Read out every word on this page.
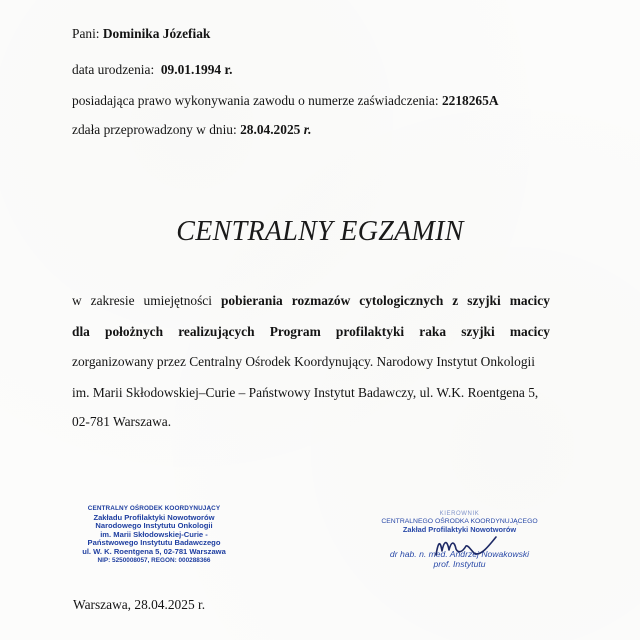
Pani: Dominika Józefiak
data urodzenia:  09.01.1994 r.
posiadająca prawo wykonywania zawodu o numerze zaświadczenia: 2218265A
zdała przeprowadzony w dniu: 28.04.2025 r.
CENTRALNY EGZAMIN
w zakresie umiejętności pobierania rozmazów cytologicznych z szyjki macicy
dla położnych realizujących Program profilaktyki raka szyjki macicy
zorganizowany przez Centralny Ośrodek Koordynujący. Narodowy Instytut Onkologii
im. Marii Skłodowskiej–Curie – Państwowy Instytut Badawczy, ul. W.K. Roentgena 5,
02-781 Warszawa.
CENTRALNY OŚRODEK KOORDYNUJĄCY
Zakładu Profilaktyki Nowotworów
Narodowego Instytutu Onkologii
im. Marii Skłodowskiej-Curie -
Państwowego Instytutu Badawczego
ul. W. K. Roentgena 5, 02-781 Warszawa
NIP: 5250008057, REGON: 000288366
KIEROWNIK
CENTRALNEGO OŚRODKA KOORDYNUJĄCEGO
Zakład Profilaktyki Nowotworów
dr hab. n. med. Andrzej Nowakowski
prof. Instytutu
Warszawa, 28.04.2025 r.
